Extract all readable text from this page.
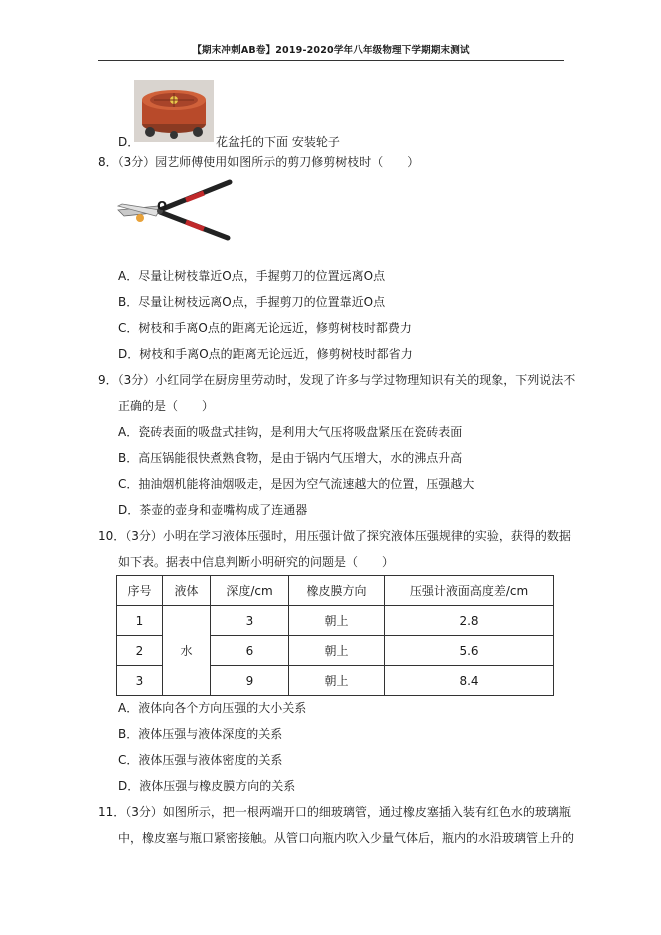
【期末冲刺AB卷】2019-2020学年八年级物理下学期期末测试
D．	花盆托的下面 安装轮子
8．（3分）园艺师傅使用如图所示的剪刀修剪树枝时（　　）
O
A．尽量让树枝靠近O点，手握剪刀的位置远离O点
B．尽量让树枝远离O点，手握剪刀的位置靠近O点
C．树枝和手离O点的距离无论远近，修剪树枝时都费力
D．树枝和手离O点的距离无论远近，修剪树枝时都省力
9．（3分）小红同学在厨房里劳动时，发现了许多与学过物理知识有关的现象，下列说法不
正确的是（　　）
A．瓷砖表面的吸盘式挂钩，是利用大气压将吸盘紧压在瓷砖表面
B．高压锅能很快煮熟食物，是由于锅内气压增大，水的沸点升高
C．抽油烟机能将油烟吸走，是因为空气流速越大的位置，压强越大
D．茶壶的壶身和壶嘴构成了连通器
10．（3分）小明在学习液体压强时，用压强计做了探究液体压强规律的实验，获得的数据
如下表。据表中信息判断小明研究的问题是（　　）
序号	液体	深度/cm	橡皮膜方向	压强计液面高度差/cm
1	水	3	朝上	2.8
2		6	朝上	5.6
3		9	朝上	8.4
A．液体向各个方向压强的大小关系
B．液体压强与液体深度的关系
C．液体压强与液体密度的关系
D．液体压强与橡皮膜方向的关系
11．（3分）如图所示，把一根两端开口的细玻璃管，通过橡皮塞插入装有红色水的玻璃瓶
中，橡皮塞与瓶口紧密接触。从管口向瓶内吹入少量气体后，瓶内的水沿玻璃管上升的
